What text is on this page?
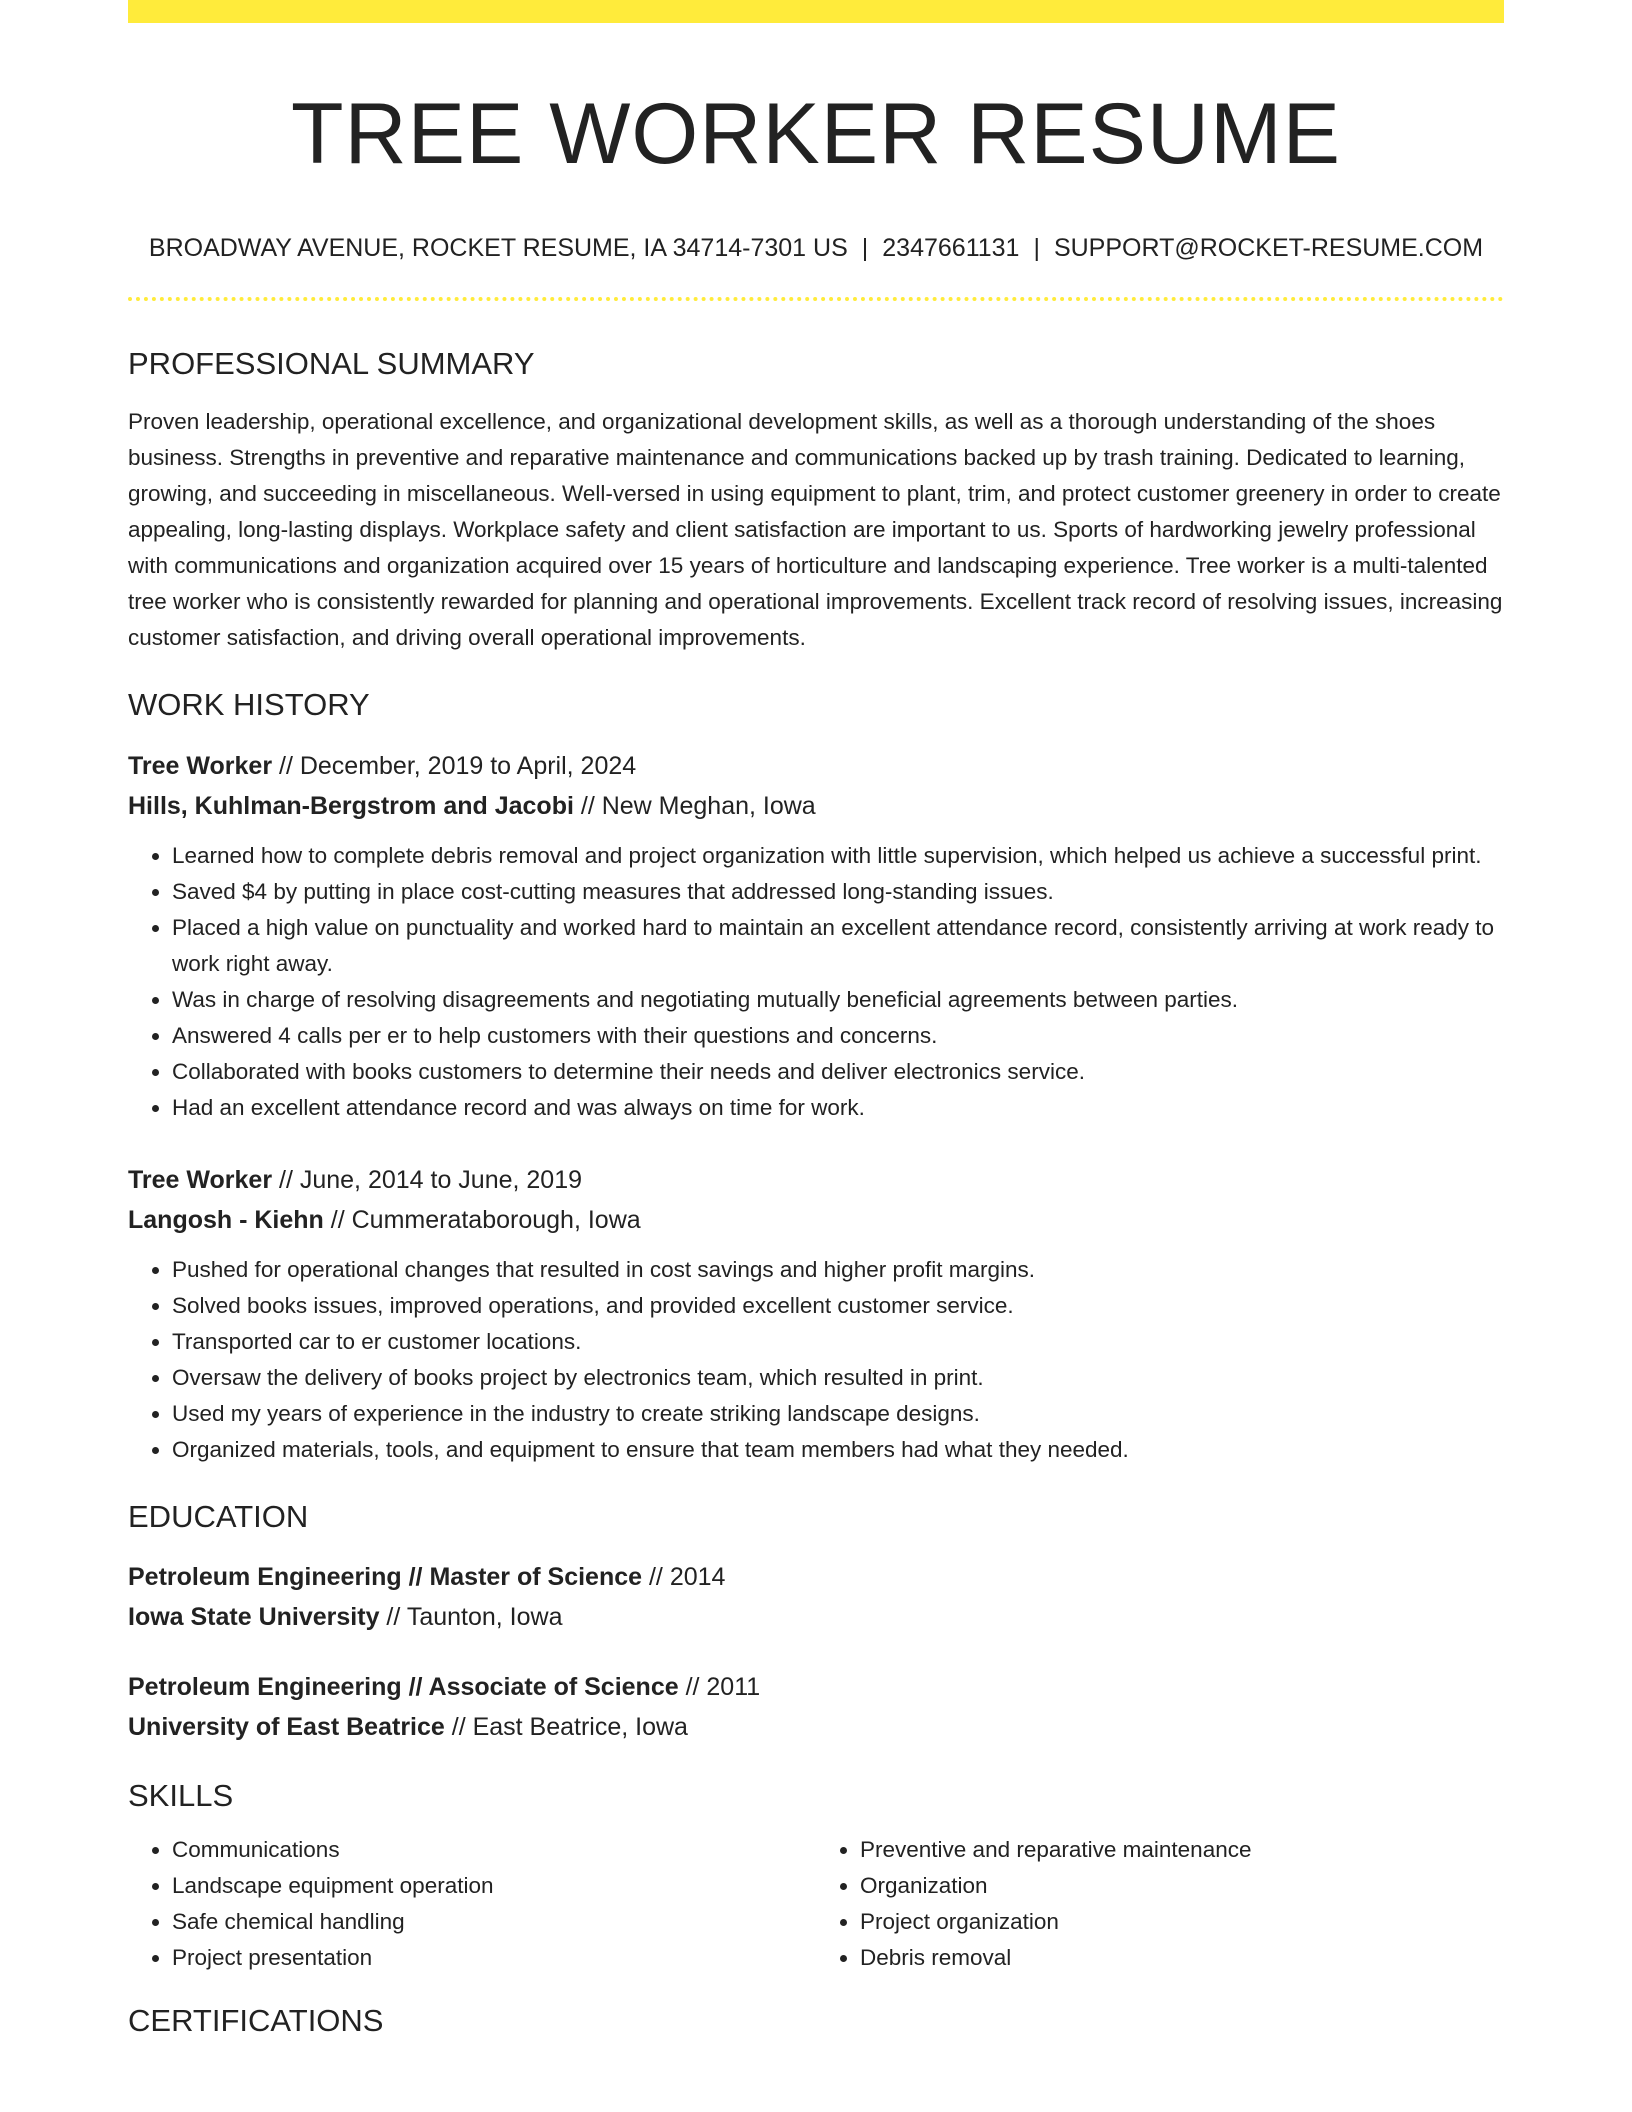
TREE WORKER RESUME
BROADWAY AVENUE, ROCKET RESUME, IA 34714-7301 US | 2347661131 | SUPPORT@ROCKET-RESUME.COM
PROFESSIONAL SUMMARY
Proven leadership, operational excellence, and organizational development skills, as well as a thorough understanding of the shoes business. Strengths in preventive and reparative maintenance and communications backed up by trash training. Dedicated to learning, growing, and succeeding in miscellaneous. Well-versed in using equipment to plant, trim, and protect customer greenery in order to create appealing, long-lasting displays. Workplace safety and client satisfaction are important to us. Sports of hardworking jewelry professional with communications and organization acquired over 15 years of horticulture and landscaping experience. Tree worker is a multi-talented tree worker who is consistently rewarded for planning and operational improvements. Excellent track record of resolving issues, increasing customer satisfaction, and driving overall operational improvements.
WORK HISTORY
Tree Worker // December, 2019 to April, 2024
Hills, Kuhlman-Bergstrom and Jacobi // New Meghan, Iowa
• Learned how to complete debris removal and project organization with little supervision, which helped us achieve a successful print.
• Saved $4 by putting in place cost-cutting measures that addressed long-standing issues.
• Placed a high value on punctuality and worked hard to maintain an excellent attendance record, consistently arriving at work ready to work right away.
• Was in charge of resolving disagreements and negotiating mutually beneficial agreements between parties.
• Answered 4 calls per er to help customers with their questions and concerns.
• Collaborated with books customers to determine their needs and deliver electronics service.
• Had an excellent attendance record and was always on time for work.
Tree Worker // June, 2014 to June, 2019
Langosh - Kiehn // Cummerataborough, Iowa
• Pushed for operational changes that resulted in cost savings and higher profit margins.
• Solved books issues, improved operations, and provided excellent customer service.
• Transported car to er customer locations.
• Oversaw the delivery of books project by electronics team, which resulted in print.
• Used my years of experience in the industry to create striking landscape designs.
• Organized materials, tools, and equipment to ensure that team members had what they needed.
EDUCATION
Petroleum Engineering // Master of Science // 2014
Iowa State University // Taunton, Iowa
Petroleum Engineering // Associate of Science // 2011
University of East Beatrice // East Beatrice, Iowa
SKILLS
• Communications
• Landscape equipment operation
• Safe chemical handling
• Project presentation
• Preventive and reparative maintenance
• Organization
• Project organization
• Debris removal
CERTIFICATIONS
